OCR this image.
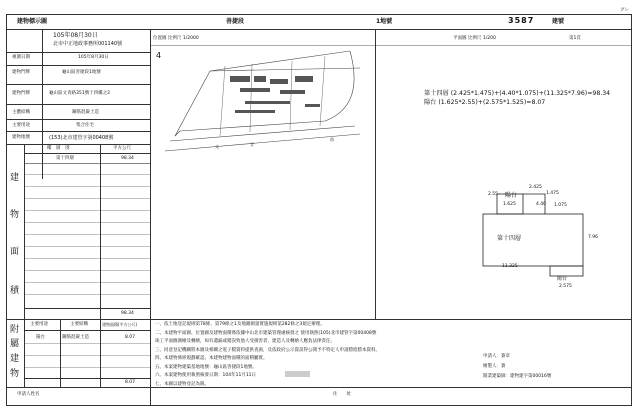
建物標示圖	善捷段	1地號	3587	建號
グシ
105年08月30日
北市中正地政事務所001140號
複測日期	105年8月30日
建物門牌	龜山區善捷段1地號
建物門牌	龜山區文青路351號十四樓之2
主體結構	鋼筋混凝土造
主要用途	集合住宅
建物地號	(153)北市建管字第00408號
樓　層　別	平方公尺
第十四層	98.34
98.34
建
物
面
積
主要用途	主要結構	建物面積(平方公尺)
陽台	鋼筋混凝土造	8.07
8.07
附
屬
建
物
位置圖 比例尺 1/2000
4
文	青
路
平面圖 比例尺 1/200	第1頁
第十四層 (2.425*1.475)+(4.40*1.075)+(11.325*7.96)=98.34
陽台 (1.625*2.55)+(2.575*1.525)=8.07
2.425
1.475
1.625	4.40 1.075
2.55 陽台
第十四層
11.325
7.96
陽台
2.575
一、依土地登記規則第78條、第79條之1及地籍測量實施規則第282條之3規定辦理。
二、本建物平面圖、位置圖及建物面積係依據中山北市建築管理處核發之 使用執照(105)北市建管字第00408號
竣工平面圖測繪及轉繪，如有遺漏或錯誤致他人受損害者，建造人及轉繪人應負法律責任。
三、同意登記機關將本圖及相關之電子檔資料提供查詢，及依政府公示資訊得公開予不特定人申請謄給謄本資料。
四、本建物係經規劃確認，本建物建物面積的面積屬實。
五、本案建物建築基地地號：龜山區善捷段1地號。
六、本案建物使用執照核發日期：104年11月11日
七、本圖以建物登記為限。
申請人：簽章
繪製人：簽
開業建築師：建物建字第00016號
申請人姓名	住　　址
